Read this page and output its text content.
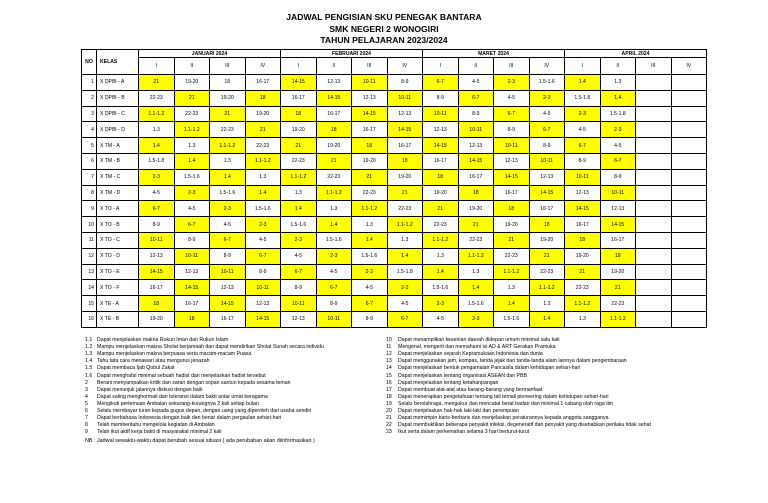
JADWAL PENGISIAN SKU PENEGAK BANTARA
SMK NEGERI 2 WONOGIRI
TAHUN PELAJARAN 2023/2024
NO	KELAS	JANUARI 2024				FEBRUARI 2024				MARET 2024				APRIL 2024			
		I	II	III	IV	I	II	III	IV	I	II	III	IV	I	II	III	IV
1	X DPIB - A	21	19-20	18	16-17	14-15	12-13	10-11	8-9	6-7	4-5	2-3	1.5-1.6	1.4	1.3		
2	X DPIB - B	22-23	21	19-20	18	16-17	14-15	12-13	10-11	8-9	6-7	4-5	2-3	1.5-1.8	1.4		
3	X DPIB - C	1.1-1.2	22-23	21	19-20	18	16-17	14-15	12-13	10-11	8-9	6-7	4-5	2-3	1.5-1.8		
4	X DPIB - D	1.3	1.1-1.2	22-23	21	19-20	18	16-17	14-15	12-13	10-11	8-9	6-7	4-5	2-3		
5	X TM - A	1.4	1.3	1.1-1.2	22-23	21	19-20	18	16-17	14-15	12-13	10-11	8-9	6-7	4-5		
6	X TM - B	1.5-1.8	1.4	1.3	1.1-1.2	22-23	21	19-20	18	16-17	14-15	12-13	10-11	8-9	6-7		
7	X TM - C	2-3	1.5-1.6	1.4	1.3	1.1-1.2	22-23	21	19-20	18	16-17	14-15	12-13	10-11	8-9		
8	X TM - D	4-5	2-3	1.5-1.6	1.4	1.3	1.1-1.2	22-23	21	19-20	18	16-17	14-15	12-13	10-11		
9	X TO - A	6-7	4-5	2-3	1.5-1.6	1.4	1.3	1.1-1.2	22-23	21	19-20	18	16-17	14-15	12-13		
10	X TO - B	8-9	6-7	4-5	2-3	1.5-1.6	1.4	1.3	1.1-1.2	22-23	21	19-20	18	16-17	14-15		
11	X TO - C	10-11	8-9	6-7	4-5	2-3	1.5-1.6	1.4	1.3	1.1-1.2	22-23	21	19-20	18	16-17		
12	X TO - D	12-13	10-11	8-9	6-7	4-5	2-3	1.5-1.6	1.4	1.3	1.1-1.2	22-23	21	19-20	18		
13	X TO - E	14-15	12-13	10-11	8-9	6-7	4-5	2-3	1.5-1.8	1.4	1.3	1.1-1.2	22-23	21	19-20		
14	X TO - F	16-17	14-15	12-13	10-11	8-9	6-7	4-5	2-3	1.5-1.6	1.4	1.3	1.1-1.2	22-23	21		
15	X TE - A	18	16-17	14-15	12-13	10-11	8-9	6-7	4-5	2-3	1.5-1.6	1.4	1.3	1.1-1.2	22-23		
16	X TE - B	19-20	18	16-17	14-15	12-13	10-11	8-9	6-7	4-5	2-3	1.5-1.6	1.4	1.3	1.1-1.2		
1.1 Dapat menjelaskan makna Rukun Iman dan Rukun Islam
1.2 Mampu menjelaskan makna Sholat berjamaah dan dapat mendirikan Sholat Sunah secara individu
1.3 Mampu menjelaskan makna berpuasa serta macam-macam Puasa
1.4 Tahu tata cara menawari atau mengurus jenazah
1.5 Dapat membaca Ijab Qobul Zakat
1.6 Dapat menghafal minimal sebuah hadist dan menjelaskan hadist tersebut
2 Berani menyampaikan kritik dan saran dengan sopan santun kepada sesama teman
3 Dapat menunjuk jalannya diskusi dengan baik
4 Dapat saling menghormati dan toleransi dalam bakti antar umat beragama
5 Mengikuti pertemuan Ambalan sekurang-kurangnya 2 kali setiap bulan
6 Selalu membayar iuran kepada gugus depan, dengan uang yang diperoleh dari usaha sendiri
7 Dapat berbahasa Indonesia dengan baik dan benar dalam pergaulan sehari-hari
8 Telah memberitahu mengelola kegiatan di Ambalan
9 Telah ikut aktif kerja bakti di masyarakat minimal 2 kali
10 Dapat menampilkan kesenian daerah didepan umum minimal satu kali
11 Mengenal, mengerti dan memahami isi AD & ART Gerakan Pramuka
12 Dapat menjelaskan sejarah Kepramukaan Indonesia dan dunia
13 Dapat menggunakan jam, kompas, tanda jejak dan tanda-tanda alam lainnya dalam pengembaraan
14 Dapat menjelaskan bentuk pengamalan Pancasila dalam kehidupan sehari-hari
15 Dapat menjelaskan tentang organisasi ASEAN dan PBB
16 Dapat menjelaskan tentang ketahanpangan
17 Dapat membuat alat-alat atau barang-barang yang bermanfaat
18 Dapat menerapkan pengetahuan tentang tali temali pioneering dalam kehidupan sehari-hari
19 Selalu berolahraga, mengukur dan mencatat berat badan dan minimal 1 cabang olah raga tim
20 Dapat menjelaskan hak-hak laki-laki dan perempuan
21 Dapat memimpin baris-berbaris dan menjelaskan peraturannya kepada anggota sangganya
22 Dapat membuktikan beberapa penyakit infeksi, degeneratif dan penyakit yang disebabkan perilaku tidak sehat
23 Ikut serta dalam perkemahan selama 3 hari berturut-turut
NB : Jadwal sewaktu-waktu dapat berubah sesuai situasi ( ada perubahan akan diinformasikan )
